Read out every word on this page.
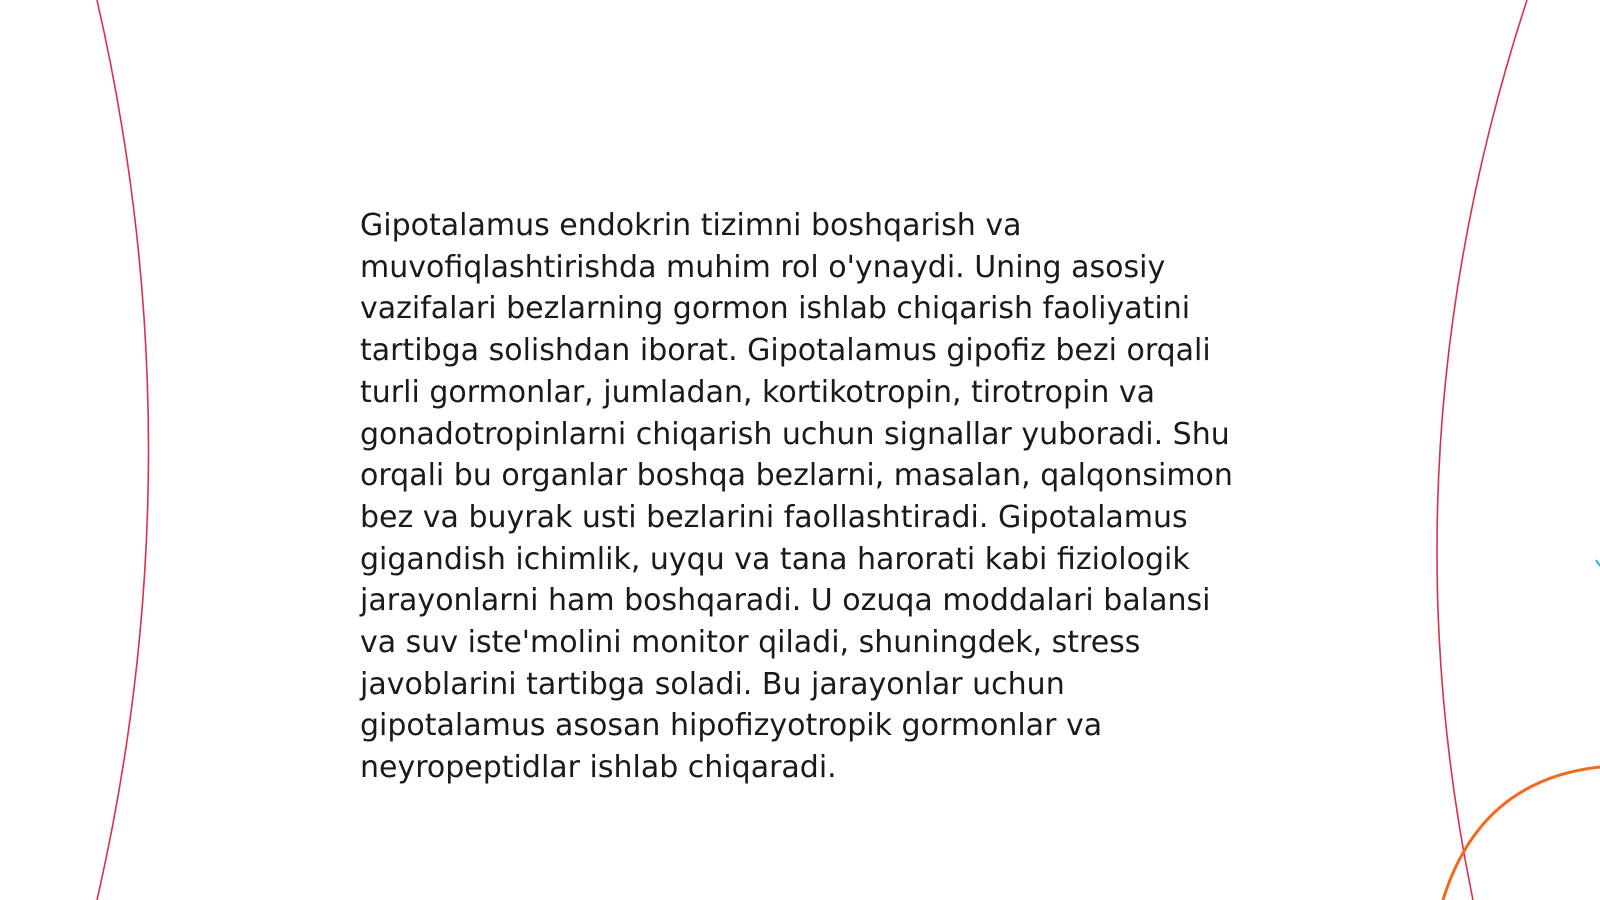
Gipotalamus endokrin tizimni boshqarish va muvofiqlashtirishda muhim rol o'ynaydi. Uning asosiy vazifalari bezlarning gormon ishlab chiqarish faoliyatini tartibga solishdan iborat. Gipotalamus gipofiz bezi orqali turli gormonlar, jumladan, kortikotropin, tirotropin va gonadotropinlarni chiqarish uchun signallar yuboradi. Shu orqali bu organlar boshqa bezlarni, masalan, qalqonsimon bez va buyrak usti bezlarini faollashtiradi. Gipotalamus gigandish ichimlik, uyqu va tana harorati kabi fiziologik jarayonlarni ham boshqaradi. U ozuqa moddalari balansi va suv iste'molini monitor qiladi, shuningdek, stress javoblarini tartibga soladi. Bu jarayonlar uchun gipotalamus asosan hipofizyotropik gormonlar va neyropeptidlar ishlab chiqaradi.
